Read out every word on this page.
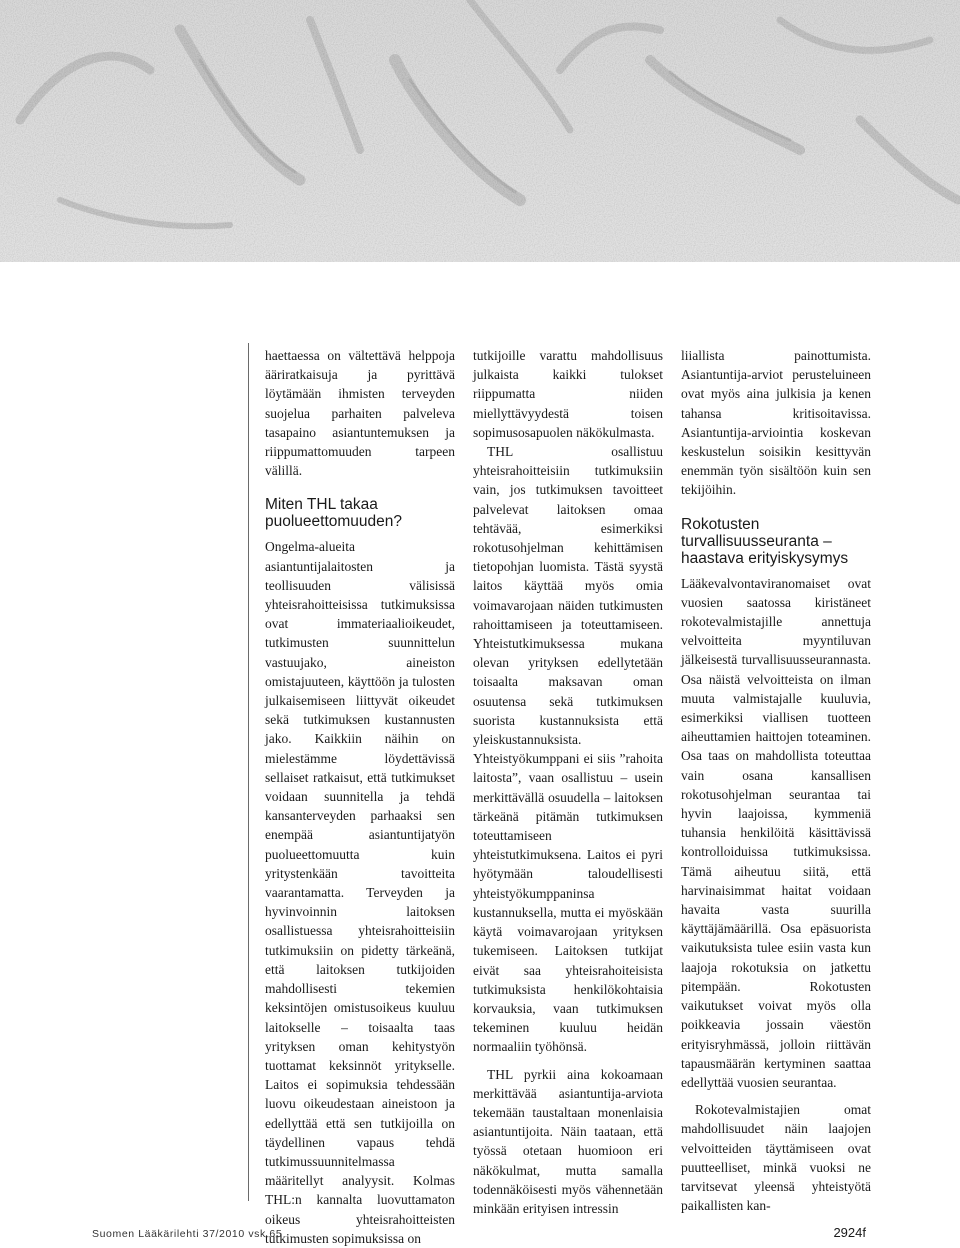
haettaessa on vältettävä helppoja ääriratkaisuja ja pyrittävä löytämään ihmisten terveyden suojelua parhaiten palveleva tasapaino asiantuntemuksen ja riippumattomuuden tarpeen välillä.

Miten THL takaa puolueettomuuden?

Ongelma-alueita asiantuntijalaitosten ja teollisuuden välisissä yhteisrahoitteisissa tutkimuksissa ovat immateriaalioikeudet, tutkimusten suunnittelun vastuujako, aineiston omistajuuteen, käyttöön ja tulosten julkaisemiseen liittyvät oikeudet sekä tutkimuksen kustannusten jako. Kaikkiin näihin on mielestämme löydettävissä sellaiset ratkaisut, että tutkimukset voidaan suunnitella ja tehdä kansanterveyden parhaaksi sen enempää asiantuntijatyön puolueettomuutta kuin yritystenkään tavoitteita vaarantamatta. Terveyden ja hyvinvoinnin laitoksen osallistuessa yhteisrahoitteisiin tutkimuksiin on pidetty tärkeänä, että laitoksen tutkijoiden mahdollisesti tekemien keksintöjen omistusoikeus kuuluu laitokselle – toisaalta taas yrityksen oman kehitystyön tuottamat keksinnöt yritykselle. Laitos ei sopimuksia tehdessään luovu oikeudestaan aineistoon ja edellyttää että sen tutkijoilla on täydellinen vapaus tehdä tutkimussuunnitelmassa määritellyt analyysit. Kolmas THL:n kannalta luovuttamaton oikeus yhteisrahoitteisten tutkimusten sopimuksissa on

tutkijoille varattu mahdollisuus julkaista kaikki tulokset riippumatta niiden miellyttävyydestä toisen sopimusosapuolen näkökulmasta.

THL osallistuu yhteisrahoitteisiin tutkimuksiin vain, jos tutkimuksen tavoitteet palvelevat laitoksen omaa tehtävää, esimerkiksi rokotusohjelman kehittämisen tietopohjan luomista. Tästä syystä laitos käyttää myös omia voimavarojaan näiden tutkimusten rahoittamiseen ja toteuttamiseen. Yhteistutkimuksessa mukana olevan yrityksen edellytetään toisaalta maksavan oman osuutensa sekä tutkimuksen suorista kustannuksista että yleiskustannuksista. Yhteistyökumppani ei siis ”rahoita laitosta”, vaan osallistuu – usein merkittävällä osuudella – laitoksen tärkeänä pitämän tutkimuksen toteuttamiseen yhteistutkimuksena. Laitos ei pyri hyötymään taloudellisesti yhteistyökumppaninsa kustannuksella, mutta ei myöskään käytä voimavarojaan yrityksen tukemiseen. Laitoksen tutkijat eivät saa yhteisrahoiteisista tutkimuksista henkilökohtaisia korvauksia, vaan tutkimuksen tekeminen kuuluu heidän normaaliin työhönsä.

THL pyrkii aina kokoamaan merkittävää asiantuntija-arviota tekemään taustaltaan monenlaisia asiantuntijoita. Näin taataan, että työssä otetaan huomioon eri näkökulmat, mutta samalla todennäköisesti myös vähennetään minkään erityisen intressin

liiallista painottumista. Asiantuntija-arviot perusteluineen ovat myös aina julkisia ja kenen tahansa kritisoitavissa. Asiantuntija-arviointia koskevan keskustelun soisikin kesittyvän enemmän työn sisältöön kuin sen tekijöihin.

Rokotusten turvallisuusseuranta – haastava erityiskysymys

Lääkevalvontaviranomaiset ovat vuosien saatossa kiristäneet rokotevalmistajille annettuja velvoitteita myyntiluvan jälkeisestä turvallisuusseurannasta. Osa näistä velvoitteista on ilman muuta valmistajalle kuuluvia, esimerkiksi viallisen tuotteen aiheuttamien haittojen toteaminen. Osa taas on mahdollista toteuttaa vain osana kansallisen rokotusohjelman seurantaa tai hyvin laajoissa, kymmeniä tuhansia henkilöitä käsittävissä kontrolloiduissa tutkimuksissa. Tämä aiheutuu siitä, että harvinaisimmat haitat voidaan havaita vasta suurilla käyttäjämäärillä. Osa epäsuorista vaikutuksista tulee esiin vasta kun laajoja rokotuksia on jatkettu pitempään. Rokotusten vaikutukset voivat myös olla poikkeavia jossain väestön erityisryhmässä, jolloin riittävän tapausmäärän kertyminen saattaa edellyttää vuosien seurantaa.

Rokotevalmistajien omat mahdollisuudet näin laajojen velvoitteiden täyttämiseen ovat puutteelliset, minkä vuoksi ne tarvitsevat yleensä yhteistyötä paikallisten kan-

Suomen Lääkärilehti 37/2010 vsk 65	2924f
